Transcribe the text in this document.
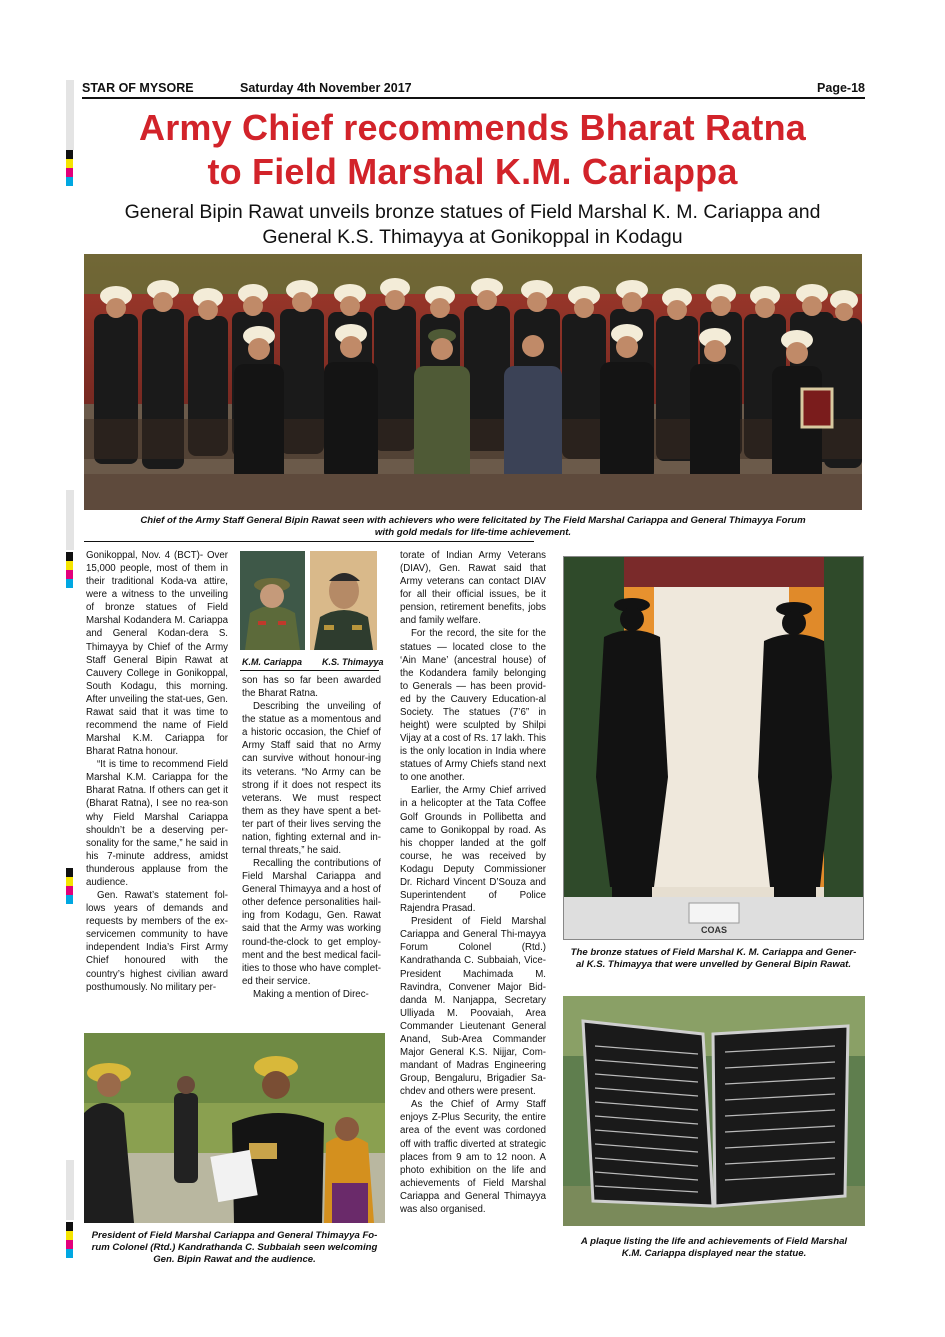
STAR OF MYSORE	Saturday 4th November 2017	Page-18
Army Chief recommends Bharat Ratna
to Field Marshal K.M. Cariappa
General Bipin Rawat unveils bronze statues of Field Marshal K. M. Cariappa and
General K.S. Thimayya at Gonikoppal in Kodagu
Chief of the Army Staff General Bipin Rawat seen with achievers who were felicitated by The Field Marshal Cariappa and General Thimayya Forum
with gold medals for life-time achievement.

Gonikoppal, Nov. 4 (BCT)- Over 15,000 people, most of them in their traditional Koda-va attire, were a witness to the unveiling of bronze statues of Field Marshal Kodandera M. Cariappa and General Kodan-dera S. Thimayya by Chief of the Army Staff General Bipin Rawat at Cauvery College in Gonikoppal, South Kodagu, this morning. After unveiling the stat-ues, Gen. Rawat said that it was time to recommend the name of Field Marshal K.M. Cariappa for Bharat Ratna honour.

“It is time to recommend Field Marshal K.M. Cariappa for the Bharat Ratna. If others can get it (Bharat Ratna), I see no rea-son why Field Marshal Cariappa shouldn’t be a deserving per-sonality for the same,” he said in his 7-minute address, amidst thunderous applause from the audience.

Gen. Rawat’s statement fol-lows years of demands and requests by members of the ex-servicemen community to have independent India’s First Army Chief honoured with the country’s highest civilian award posthumously. No military per-

K.M. Cariappa K.S. Thimayya

son has so far been awarded the Bharat Ratna.

Describing the unveiling of the statue as a momentous and a historic occasion, the Chief of Army Staff said that no Army can survive without honour-ing its veterans. “No Army can be strong if it does not respect its veterans. We must respect them as they have spent a bet-ter part of their lives serving the nation, fighting external and in-ternal threats,” he said.

Recalling the contributions of Field Marshal Cariappa and General Thimayya and a host of other defence personalities hail-ing from Kodagu, Gen. Rawat said that the Army was working round-the-clock to get employ-ment and the best medical facil-ities to those who have complet-ed their service.

Making a mention of Direc-

torate of Indian Army Veterans (DIAV), Gen. Rawat said that Army veterans can contact DIAV for all their official issues, be it pension, retirement benefits, jobs and family welfare.

For the record, the site for the statues — located close to the ‘Ain Mane’ (ancestral house) of the Kodandera family belonging to Generals — has been provid-ed by the Cauvery Education-al Society. The statues (7’6” in height) were sculpted by Shilpi Vijay at a cost of Rs. 17 lakh. This is the only location in India where statues of Army Chiefs stand next to one another.

Earlier, the Army Chief arrived in a helicopter at the Tata Coffee Golf Grounds in Pollibetta and came to Gonikoppal by road. As his chopper landed at the golf course, he was received by Kodagu Deputy Commissioner Dr. Richard Vincent D’Souza and Superintendent of Police Rajendra Prasad.

President of Field Marshal Cariappa and General Thi-mayya Forum Colonel (Rtd.) Kandrathanda C. Subbaiah, Vice-President Machimada M. Ravindra, Convener Major Bid-danda M. Nanjappa, Secretary Ulliyada M. Poovaiah, Area Commander Lieutenant General Anand, Sub-Area Commander Major General K.S. Nijjar, Com-mandant of Madras Engineering Group, Bengaluru, Brigadier Sa-chdev and others were present.

As the Chief of Army Staff enjoys Z-Plus Security, the entire area of the event was cordoned off with traffic diverted at strategic places from 9 am to 12 noon. A photo exhibition on the life and achievements of Field Marshal Cariappa and General Thimayya was also organised.

COAS
The bronze statues of Field Marshal K. M. Cariappa and Gener-
al K.S. Thimayya that were unvelled by General Bipin Rawat.
President of Field Marshal Cariappa and General Thimayya Fo-
rum Colonel (Rtd.) Kandrathanda C. Subbaiah seen welcoming
Gen. Bipin Rawat and the audience.
A plaque listing the life and achievements of Field Marshal
K.M. Cariappa displayed near the statue.
